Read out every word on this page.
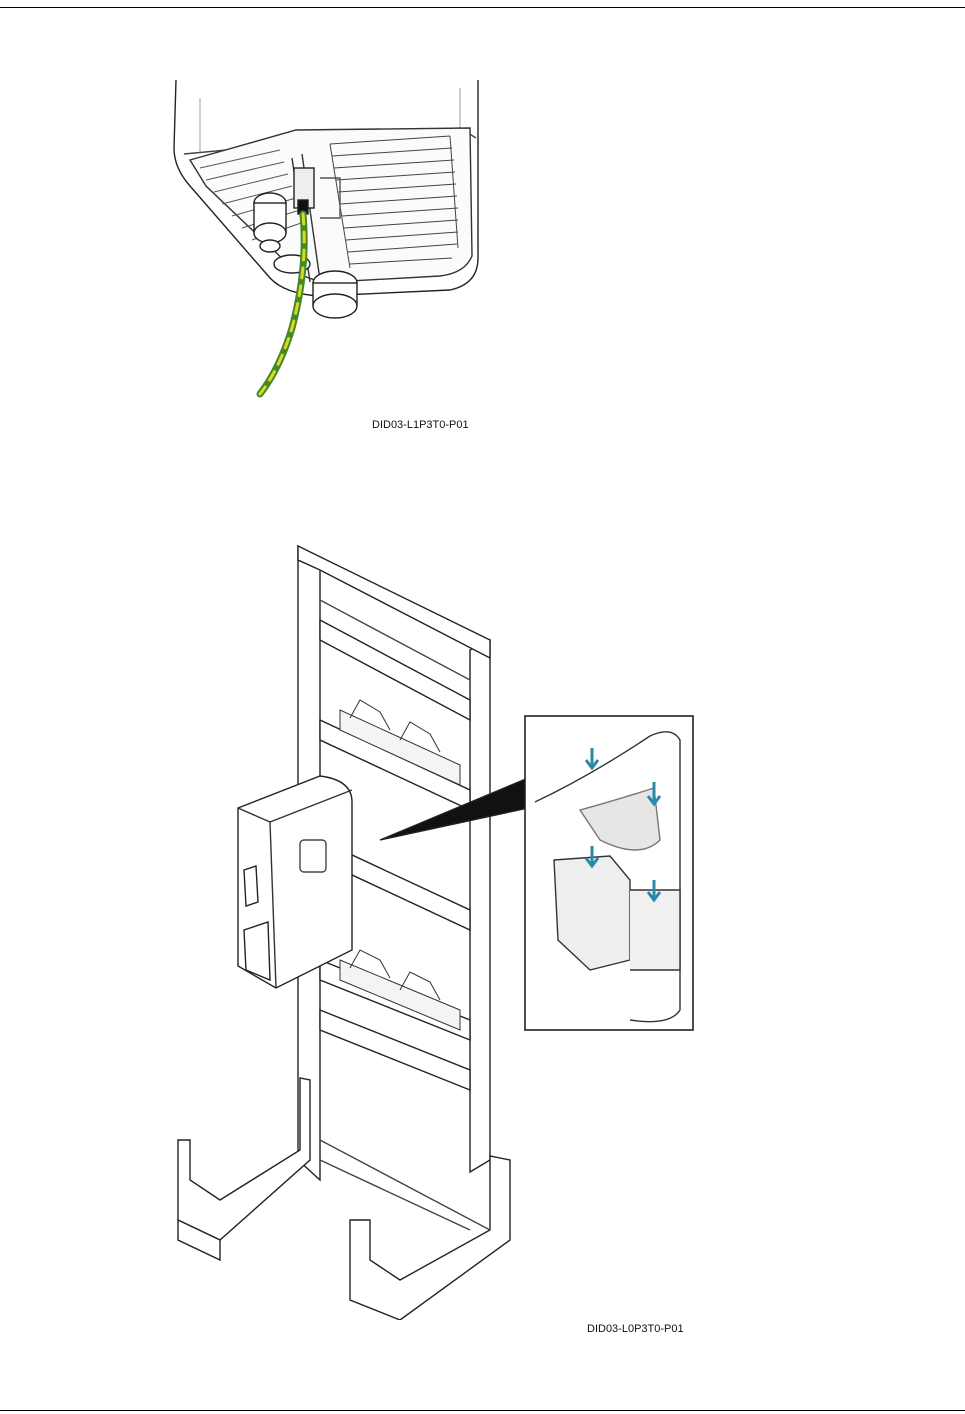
DID03-L1P3T0-P01
DID03-L0P3T0-P01
